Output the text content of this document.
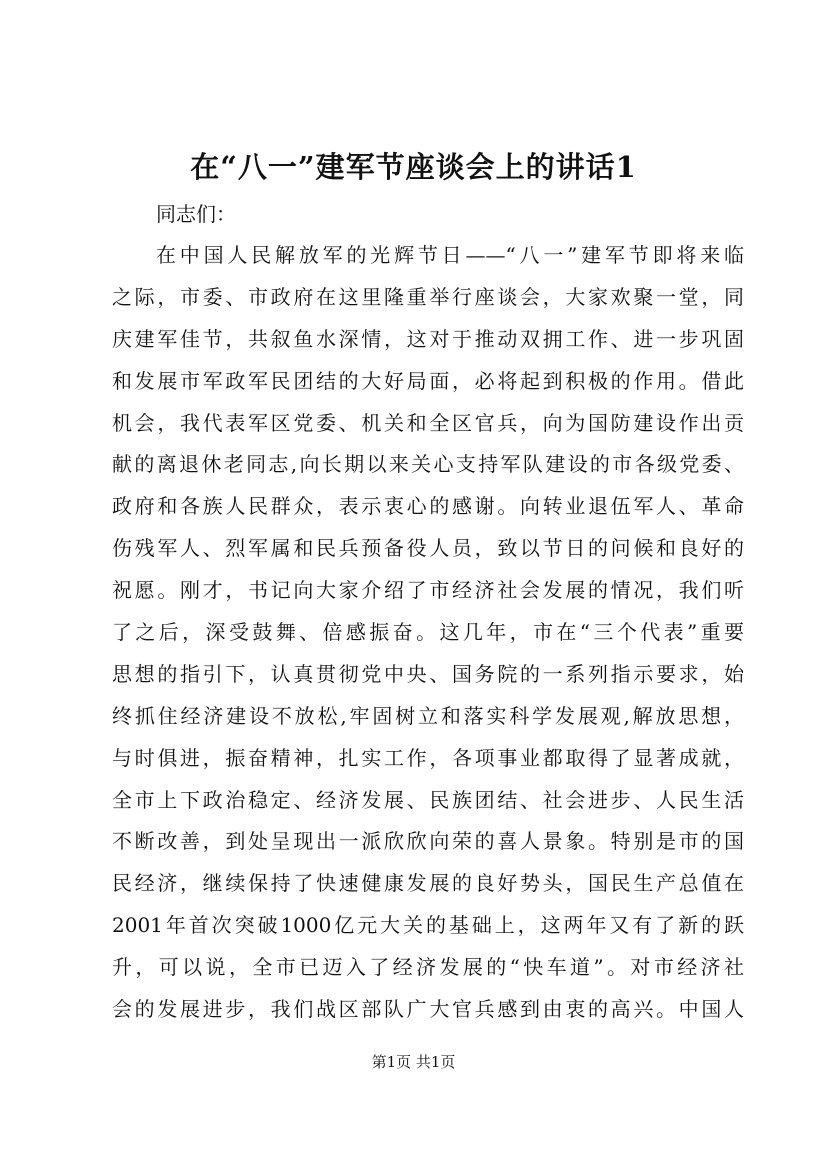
在“八一”建军节座谈会上的讲话1
同志们：
在中国人民解放军的光辉节日——“八一”建军节即将来临
之际，市委、市政府在这里隆重举行座谈会，大家欢聚一堂，同
庆建军佳节，共叙鱼水深情，这对于推动双拥工作、进一步巩固
和发展市军政军民团结的大好局面，必将起到积极的作用。借此
机会，我代表军区党委、机关和全区官兵，向为国防建设作出贡
献的离退休老同志,向长期以来关心支持军队建设的市各级党委、
政府和各族人民群众，表示衷心的感谢。向转业退伍军人、革命
伤残军人、烈军属和民兵预备役人员，致以节日的问候和良好的
祝愿。刚才，书记向大家介绍了市经济社会发展的情况，我们听
了之后，深受鼓舞、倍感振奋。这几年，市在“三个代表”重要
思想的指引下，认真贯彻党中央、国务院的一系列指示要求，始
终抓住经济建设不放松,牢固树立和落实科学发展观,解放思想，
与时俱进，振奋精神，扎实工作，各项事业都取得了显著成就，
全市上下政治稳定、经济发展、民族团结、社会进步、人民生活
不断改善，到处呈现出一派欣欣向荣的喜人景象。特别是市的国
民经济，继续保持了快速健康发展的良好势头，国民生产总值在
2001年首次突破1000亿元大关的基础上，这两年又有了新的跃
升，可以说，全市已迈入了经济发展的“快车道”。对市经济社
会的发展进步，我们战区部队广大官兵感到由衷的高兴。中国人
第1页 共1页
